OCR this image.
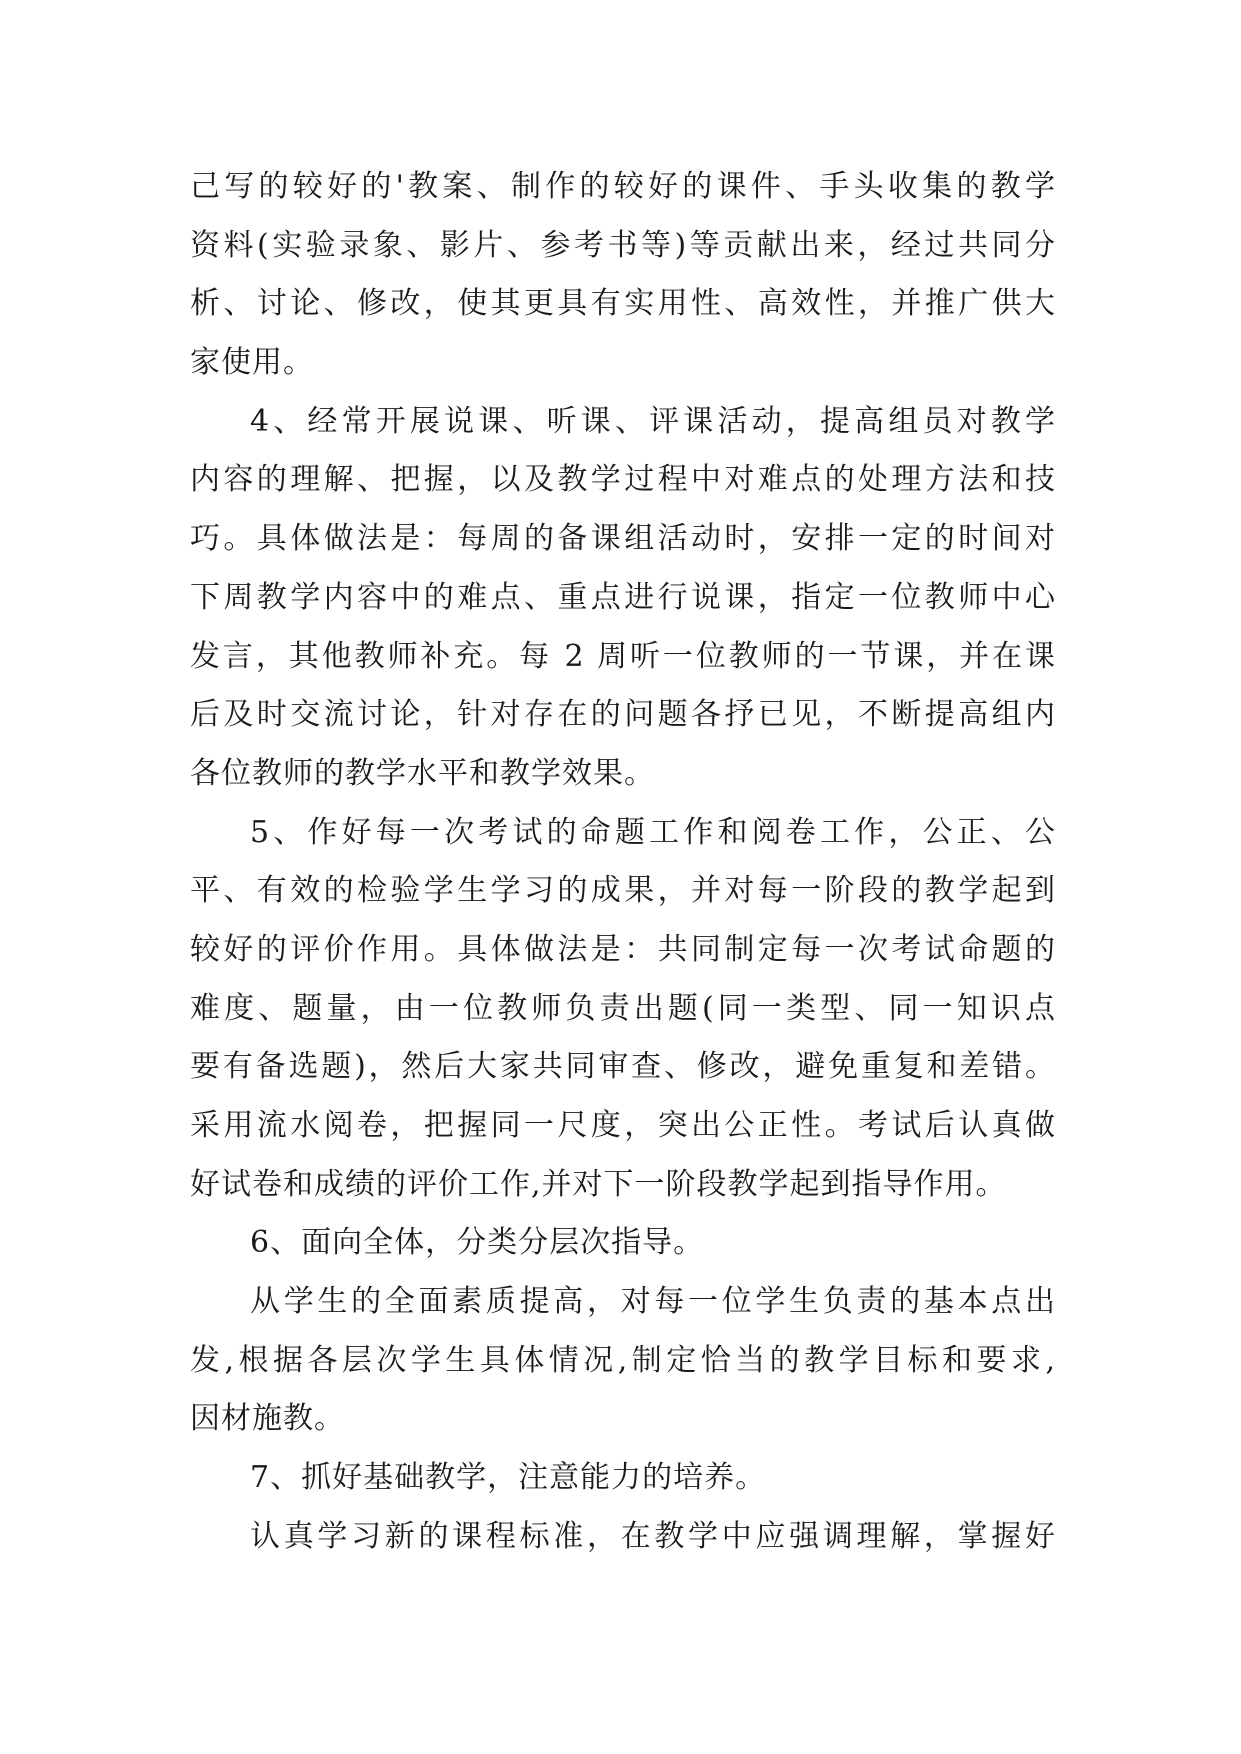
己写的较好的'教案、制作的较好的课件、手头收集的教学
资料(实验录象、影片、参考书等)等贡献出来，经过共同分
析、讨论、修改，使其更具有实用性、高效性，并推广供大
家使用。
4、经常开展说课、听课、评课活动，提高组员对教学
内容的理解、把握，以及教学过程中对难点的处理方法和技
巧。具体做法是：每周的备课组活动时，安排一定的时间对
下周教学内容中的难点、重点进行说课，指定一位教师中心
发言，其他教师补充。每 2 周听一位教师的一节课，并在课
后及时交流讨论，针对存在的问题各抒已见，不断提高组内
各位教师的教学水平和教学效果。
5、作好每一次考试的命题工作和阅卷工作，公正、公
平、有效的检验学生学习的成果，并对每一阶段的教学起到
较好的评价作用。具体做法是：共同制定每一次考试命题的
难度、题量，由一位教师负责出题(同一类型、同一知识点
要有备选题)，然后大家共同审查、修改，避免重复和差错。
采用流水阅卷，把握同一尺度，突出公正性。考试后认真做
好试卷和成绩的评价工作,并对下一阶段教学起到指导作用。
6、面向全体，分类分层次指导。
从学生的全面素质提高，对每一位学生负责的基本点出
发,根据各层次学生具体情况,制定恰当的教学目标和要求,
因材施教。
7、抓好基础教学，注意能力的培养。
认真学习新的课程标准，在教学中应强调理解，掌握好
